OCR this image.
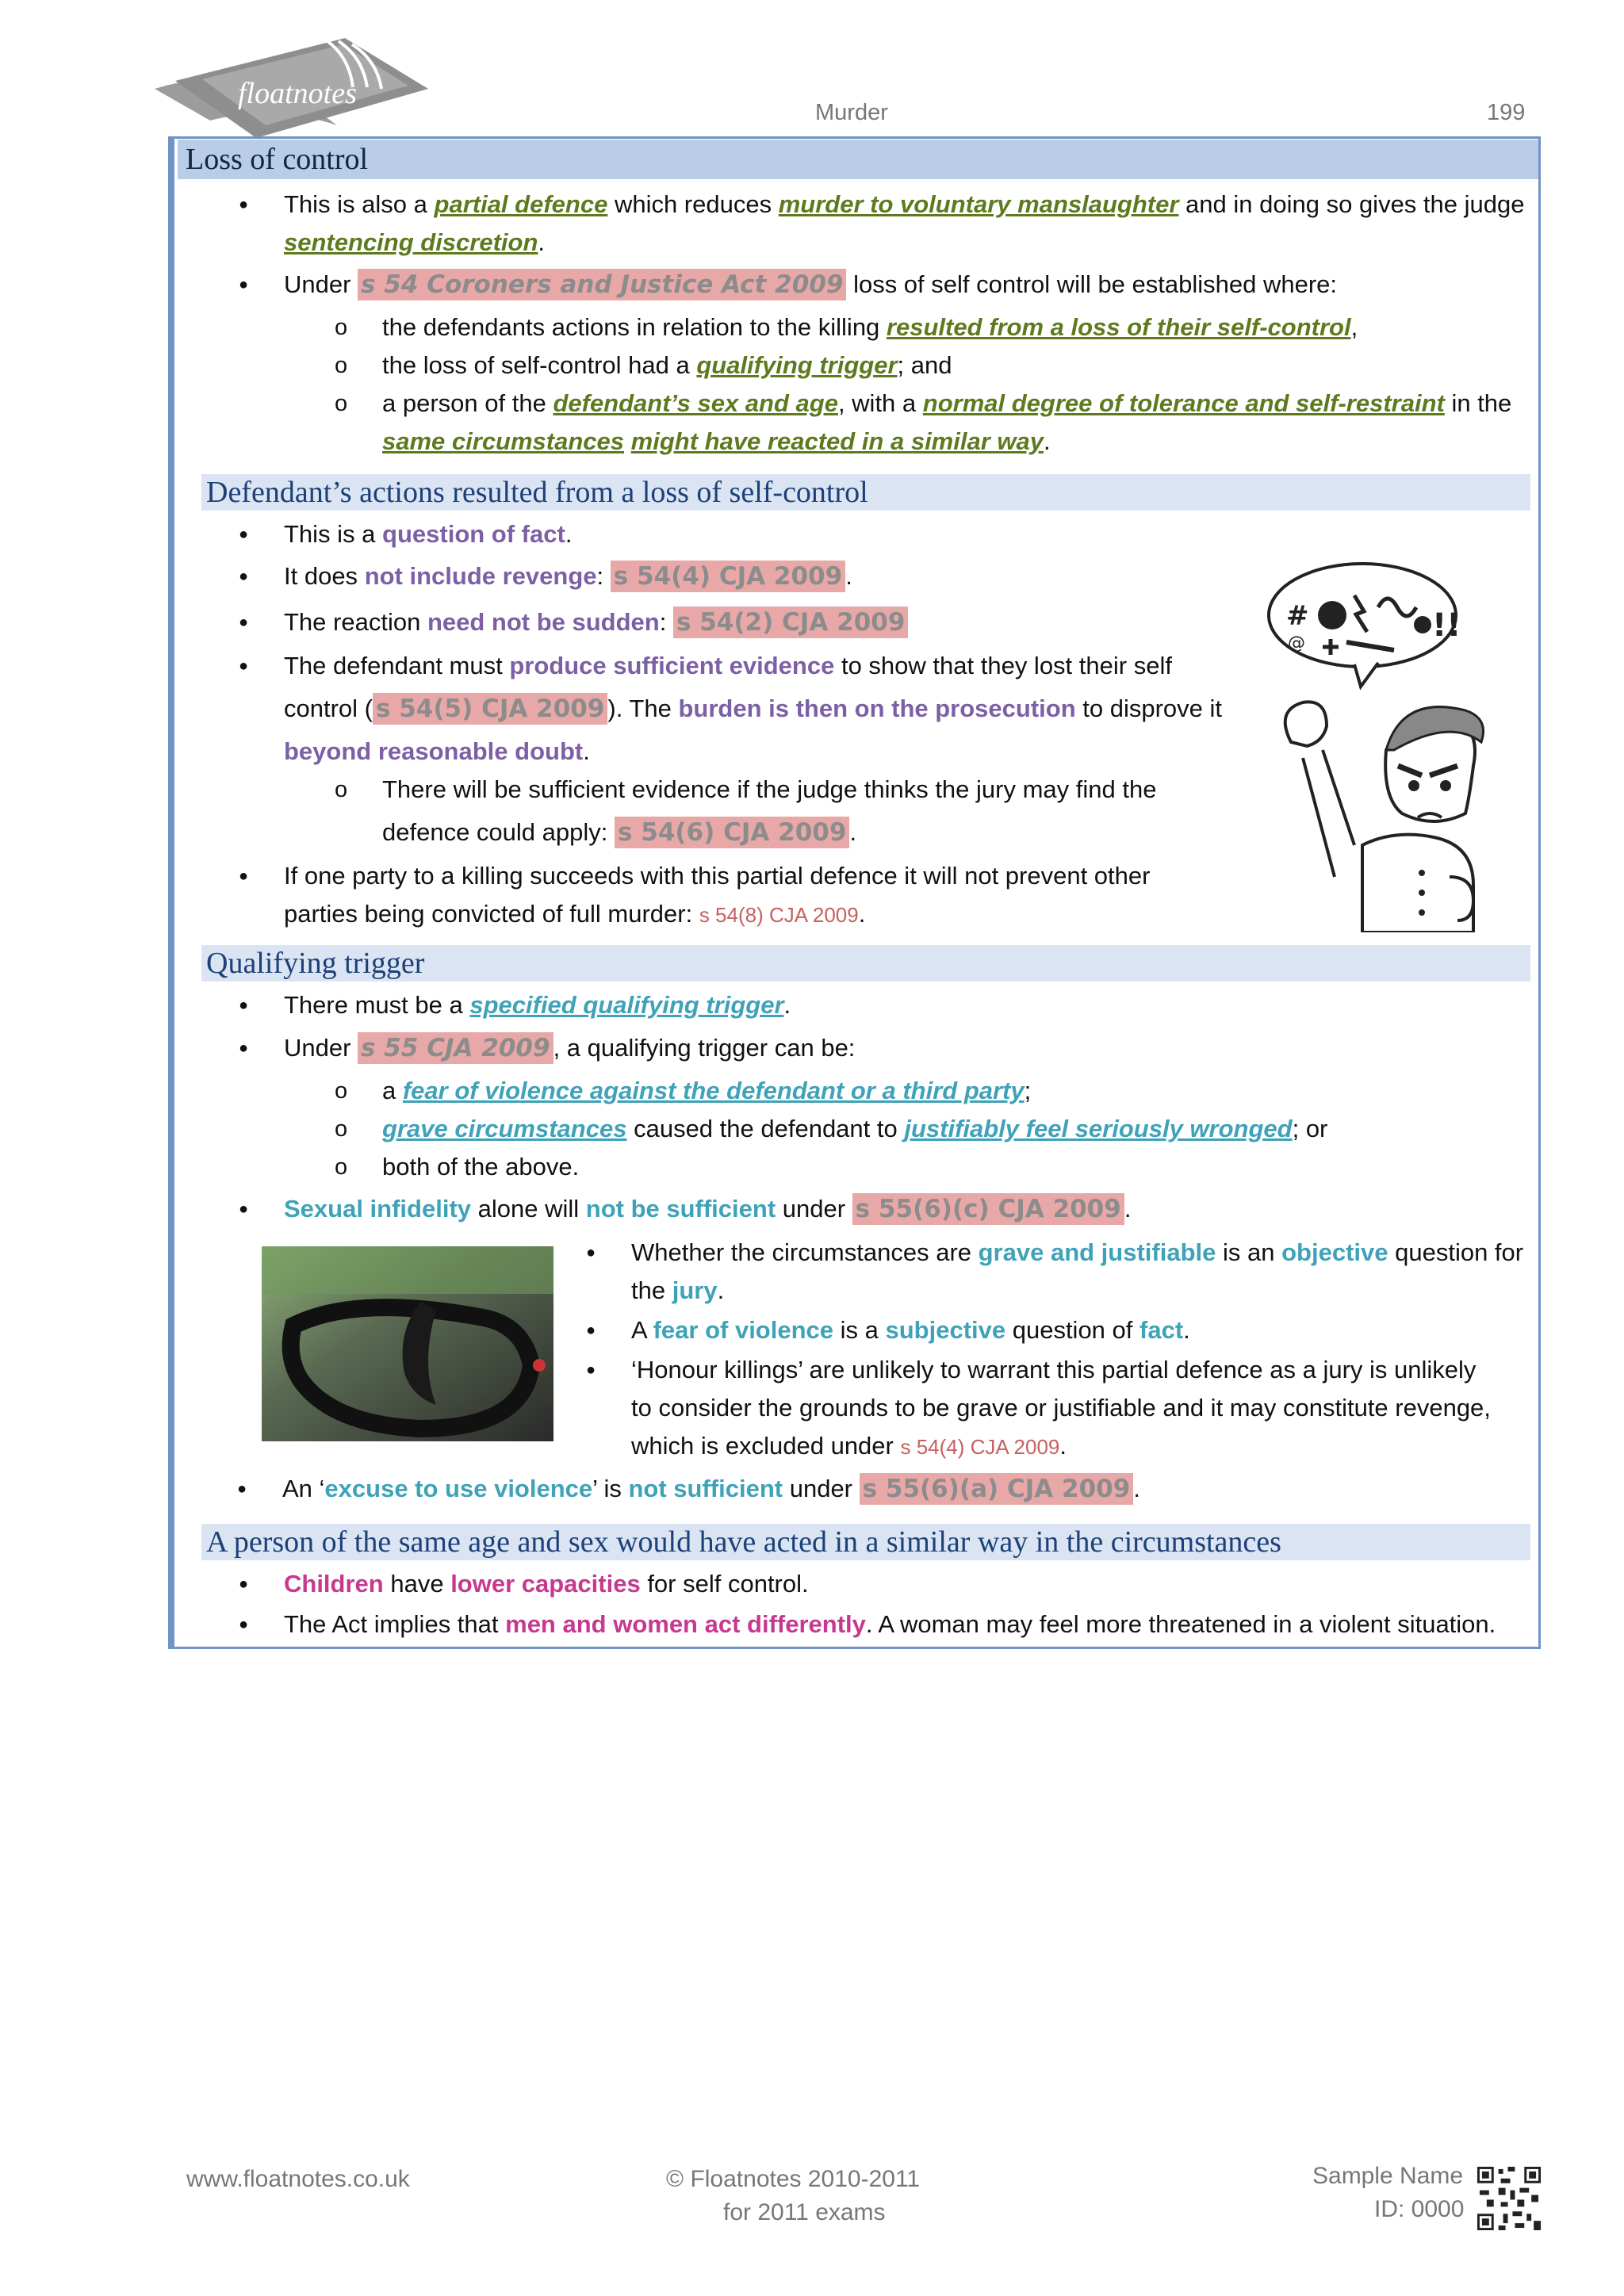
floatnotes
Murder	199
Loss of control
● This is also a partial defence which reduces murder to voluntary manslaughter and in doing so gives the judge
sentencing discretion.
● Under s 54 Coroners and Justice Act 2009 loss of self control will be established where:
o the defendants actions in relation to the killing resulted from a loss of their self-control,
o the loss of self-control had a qualifying trigger; and
o a person of the defendant’s sex and age, with a normal degree of tolerance and self-restraint in the
same circumstances might have reacted in a similar way.
Defendant’s actions resulted from a loss of self-control
● This is a question of fact.
● It does not include revenge: s 54(4) CJA 2009 .
● The reaction need not be sudden: s 54(2) CJA 2009
● The defendant must produce sufficient evidence to show that they lost their self
control ( s 54(5) CJA 2009 ). The burden is then on the prosecution to disprove it
beyond reasonable doubt.
o There will be sufficient evidence if the judge thinks the jury may find the
defence could apply: s 54(6) CJA 2009 .
● If one party to a killing succeeds with this partial defence it will not prevent other
parties being convicted of full murder: s 54(8) CJA 2009.
#	!!
@
Qualifying trigger
● There must be a specified qualifying trigger.
● Under s 55 CJA 2009 , a qualifying trigger can be:
o a fear of violence against the defendant or a third party;
o grave circumstances caused the defendant to justifiably feel seriously wronged; or
o both of the above.
● Sexual infidelity alone will not be sufficient under s 55(6)(c) CJA 2009 .
● Whether the circumstances are grave and justifiable is an objective question for
the jury.
● A fear of violence is a subjective question of fact.
● ‘Honour killings’ are unlikely to warrant this partial defence as a jury is unlikely
to consider the grounds to be grave or justifiable and it may constitute revenge,
which is excluded under s 54(4) CJA 2009.
● An ‘excuse to use violence’ is not sufficient under s 55(6)(a) CJA 2009 .
A person of the same age and sex would have acted in a similar way in the circumstances
● Children have lower capacities for self control.
● The Act implies that men and women act differently. A woman may feel more threatened in a violent situation.
www.floatnotes.co.uk	© Floatnotes 2010-2011
for 2011 exams
Sample Name
ID: 0000
